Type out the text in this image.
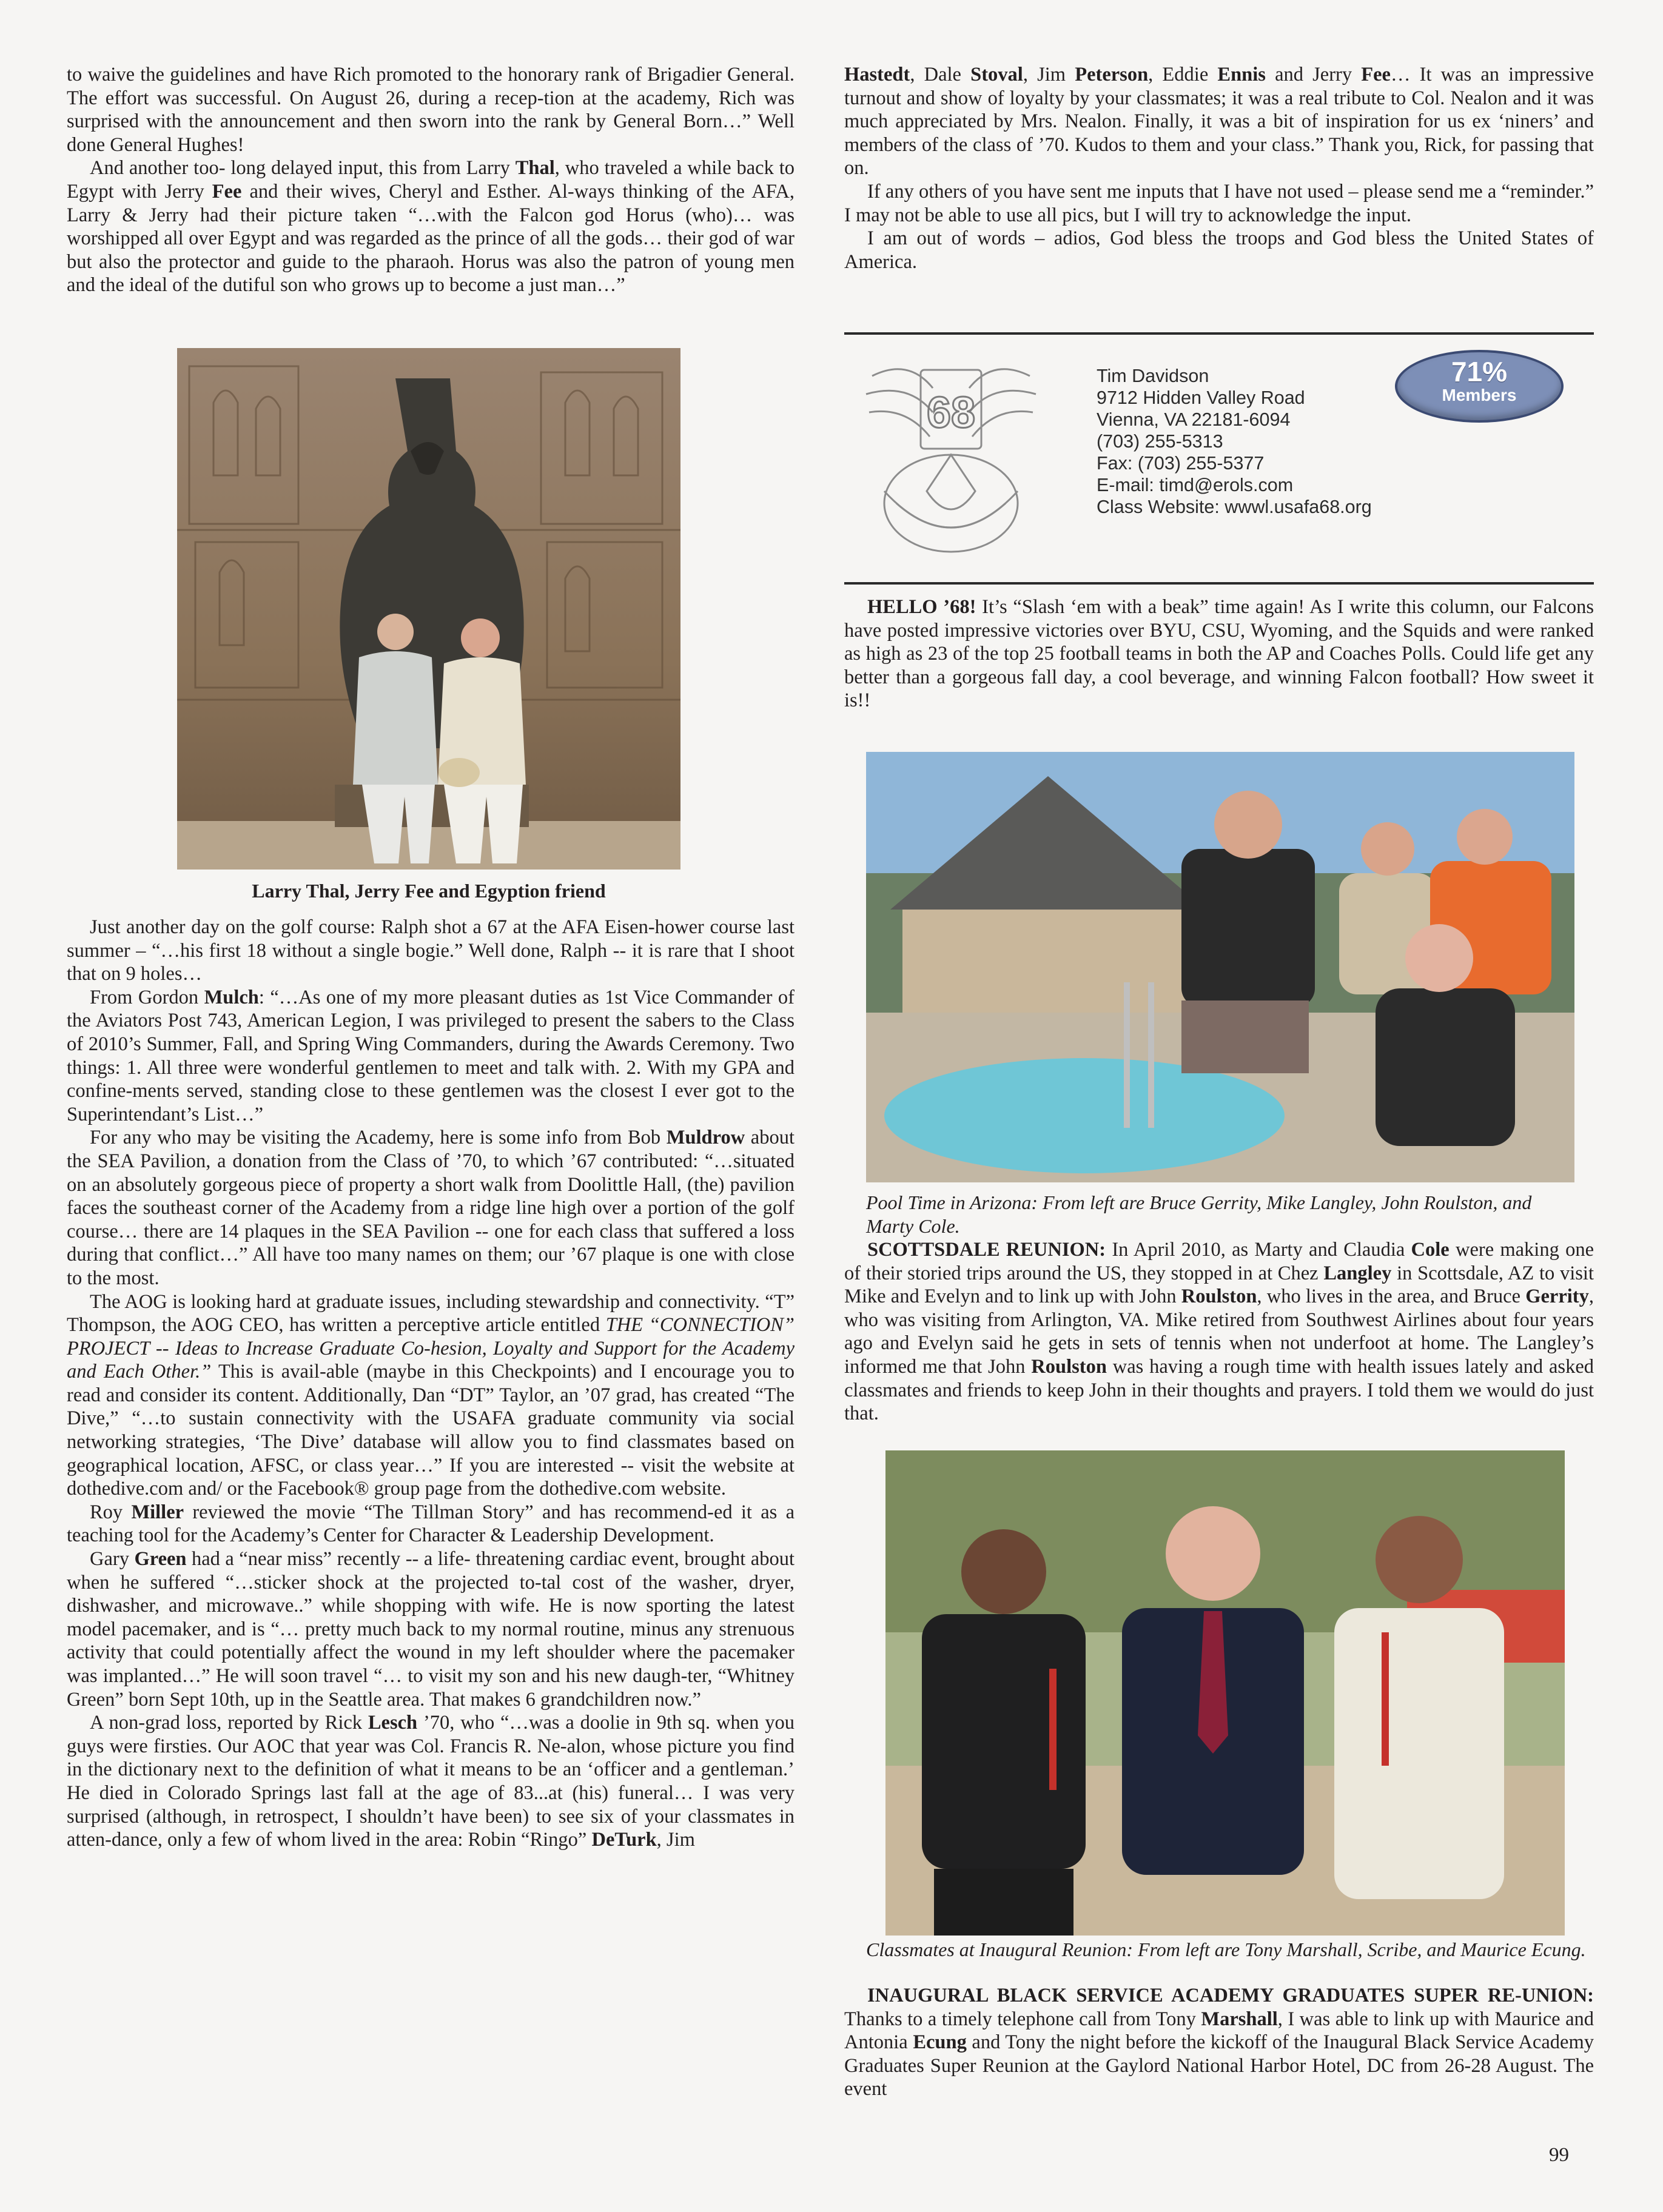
to waive the guidelines and have Rich promoted to the honorary rank of Brigadier General. The effort was successful. On August 26, during a recep-tion at the academy, Rich was surprised with the announcement and then sworn into the rank by General Born…” Well done General Hughes!

And another too- long delayed input, this from Larry Thal, who traveled a while back to Egypt with Jerry Fee and their wives, Cheryl and Esther. Al-ways thinking of the AFA, Larry & Jerry had their picture taken “…with the Falcon god Horus (who)… was worshipped all over Egypt and was regarded as the prince of all the gods… their god of war but also the protector and guide to the pharaoh. Horus was also the patron of young men and the ideal of the dutiful son who grows up to become a just man…”

Larry Thal, Jerry Fee and Egyption friend

Just another day on the golf course: Ralph shot a 67 at the AFA Eisen-hower course last summer – “…his first 18 without a single bogie.” Well done, Ralph -- it is rare that I shoot that on 9 holes…

From Gordon Mulch: “…As one of my more pleasant duties as 1st Vice Commander of the Aviators Post 743, American Legion, I was privileged to present the sabers to the Class of 2010’s Summer, Fall, and Spring Wing Commanders, during the Awards Ceremony. Two things: 1. All three were wonderful gentlemen to meet and talk with. 2. With my GPA and confine-ments served, standing close to these gentlemen was the closest I ever got to the Superintendant’s List…”

For any who may be visiting the Academy, here is some info from Bob Muldrow about the SEA Pavilion, a donation from the Class of ’70, to which ’67 contributed: “…situated on an absolutely gorgeous piece of property a short walk from Doolittle Hall, (the) pavilion faces the southeast corner of the Academy from a ridge line high over a portion of the golf course… there are 14 plaques in the SEA Pavilion -- one for each class that suffered a loss during that conflict…” All have too many names on them; our ’67 plaque is one with close to the most.

The AOG is looking hard at graduate issues, including stewardship and connectivity. “T” Thompson, the AOG CEO, has written a perceptive article entitled THE “CONNECTION” PROJECT -- Ideas to Increase Graduate Co-hesion, Loyalty and Support for the Academy and Each Other.” This is avail-able (maybe in this Checkpoints) and I encourage you to read and consider its content. Additionally, Dan “DT” Taylor, an ’07 grad, has created “The Dive,” “…to sustain connectivity with the USAFA graduate community via social networking strategies, ‘The Dive’ database will allow you to find classmates based on geographical location, AFSC, or class year…” If you are interested -- visit the website at dothedive.com and/ or the Facebook® group page from the dothedive.com website.

Roy Miller reviewed the movie “The Tillman Story” and has recommend-ed it as a teaching tool for the Academy’s Center for Character & Leadership Development.

Gary Green had a “near miss” recently -- a life- threatening cardiac event, brought about when he suffered “…sticker shock at the projected to-tal cost of the washer, dryer, dishwasher, and microwave..” while shopping with wife. He is now sporting the latest model pacemaker, and is “… pretty much back to my normal routine, minus any strenuous activity that could potentially affect the wound in my left shoulder where the pacemaker was implanted…” He will soon travel “… to visit my son and his new daugh-ter, “Whitney Green” born Sept 10th, up in the Seattle area. That makes 6 grandchildren now.”

A non-grad loss, reported by Rick Lesch ’70, who “…was a doolie in 9th sq. when you guys were firsties. Our AOC that year was Col. Francis R. Ne-alon, whose picture you find in the dictionary next to the definition of what it means to be an ‘officer and a gentleman.’ He died in Colorado Springs last fall at the age of 83...at (his) funeral… I was very surprised (although, in retrospect, I shouldn’t have been) to see six of your classmates in atten-dance, only a few of whom lived in the area: Robin “Ringo” DeTurk, Jim

Hastedt, Dale Stoval, Jim Peterson, Eddie Ennis and Jerry Fee… It was an impressive turnout and show of loyalty by your classmates; it was a real tribute to Col. Nealon and it was much appreciated by Mrs. Nealon. Finally, it was a bit of inspiration for us ex ‘niners’ and members of the class of ’70. Kudos to them and your class.” Thank you, Rick, for passing that on.

If any others of you have sent me inputs that I have not used – please send me a “reminder.” I may not be able to use all pics, but I will try to acknowledge the input.

I am out of words – adios, God bless the troops and God bless the United States of America.

68
Tim Davidson
9712 Hidden Valley Road
Vienna, VA 22181-6094
(703) 255-5313
Fax: (703) 255-5377
E-mail: timd@erols.com
Class Website: wwwl.usafa68.org
71%
Members

HELLO ’68! It’s “Slash ‘em with a beak” time again! As I write this column, our Falcons have posted impressive victories over BYU, CSU, Wyoming, and the Squids and were ranked as high as 23 of the top 25 football teams in both the AP and Coaches Polls. Could life get any better than a gorgeous fall day, a cool beverage, and winning Falcon football? How sweet it is!!

Pool Time in Arizona: From left are Bruce Gerrity, Mike Langley, John Roulston, and Marty Cole.

SCOTTSDALE REUNION: In April 2010, as Marty and Claudia Cole were making one of their storied trips around the US, they stopped in at Chez Langley in Scottsdale, AZ to visit Mike and Evelyn and to link up with John Roulston, who lives in the area, and Bruce Gerrity, who was visiting from Arlington, VA. Mike retired from Southwest Airlines about four years ago and Evelyn said he gets in sets of tennis when not underfoot at home. The Langley’s informed me that John Roulston was having a rough time with health issues lately and asked classmates and friends to keep John in their thoughts and prayers. I told them we would do just that.

Classmates at Inaugural Reunion: From left are Tony Marshall, Scribe, and Maurice Ecung.

INAUGURAL BLACK SERVICE ACADEMY GRADUATES SUPER RE-UNION: Thanks to a timely telephone call from Tony Marshall, I was able to link up with Maurice and Antonia Ecung and Tony the night before the kickoff of the Inaugural Black Service Academy Graduates Super Reunion at the Gaylord National Harbor Hotel, DC from 26-28 August. The event

99
